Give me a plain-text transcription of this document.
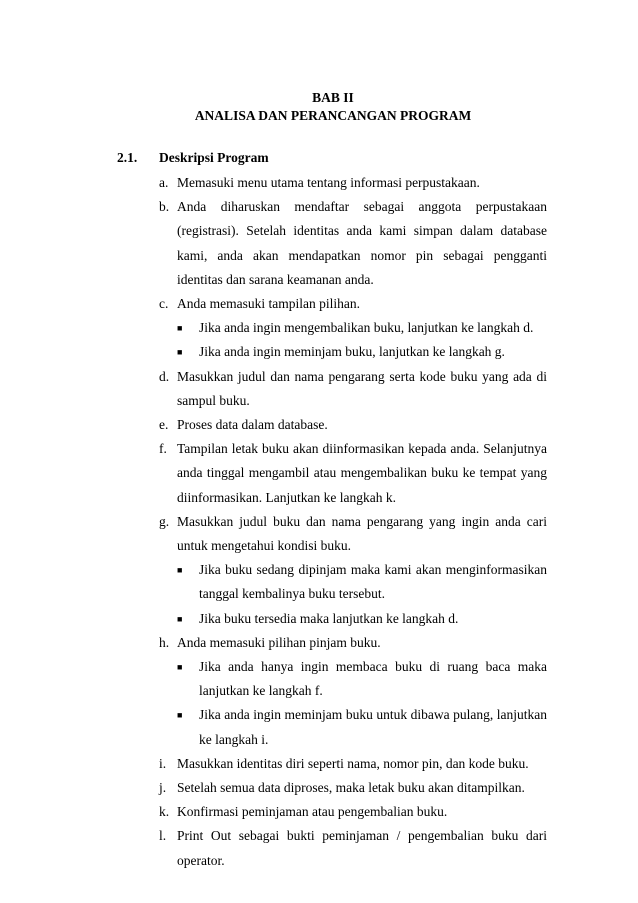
BAB II
ANALISA DAN PERANCANGAN PROGRAM
2.1. Deskripsi Program
a. Memasuki menu utama tentang informasi perpustakaan.
b. Anda diharuskan mendaftar sebagai anggota perpustakaan (registrasi). Setelah identitas anda kami simpan dalam database kami, anda akan mendapatkan nomor pin sebagai pengganti identitas dan sarana keamanan anda.
c. Anda memasuki tampilan pilihan.
■	Jika anda ingin mengembalikan buku, lanjutkan ke langkah d.
■	Jika anda ingin meminjam buku, lanjutkan ke langkah g.
d. Masukkan judul dan nama pengarang serta kode buku yang ada di sampul buku.
e. Proses data dalam database.
f. Tampilan letak buku akan diinformasikan kepada anda. Selanjutnya anda tinggal mengambil atau mengembalikan buku ke tempat yang diinformasikan. Lanjutkan ke langkah k.
g. Masukkan judul buku dan nama pengarang yang ingin anda cari untuk mengetahui kondisi buku.
■	Jika buku sedang dipinjam maka kami akan menginformasikan tanggal kembalinya buku tersebut.
■	Jika buku tersedia maka lanjutkan ke langkah d.
h. Anda memasuki pilihan pinjam buku.
■	Jika anda hanya ingin membaca buku di ruang baca maka lanjutkan ke langkah f.
■	Jika anda ingin meminjam buku untuk dibawa pulang, lanjutkan ke langkah i.
i. Masukkan identitas diri seperti nama, nomor pin, dan kode buku.
j. Setelah semua data diproses, maka letak buku akan ditampilkan.
k. Konfirmasi peminjaman atau pengembalian buku.
l. Print Out sebagai bukti peminjaman / pengembalian buku dari operator.
